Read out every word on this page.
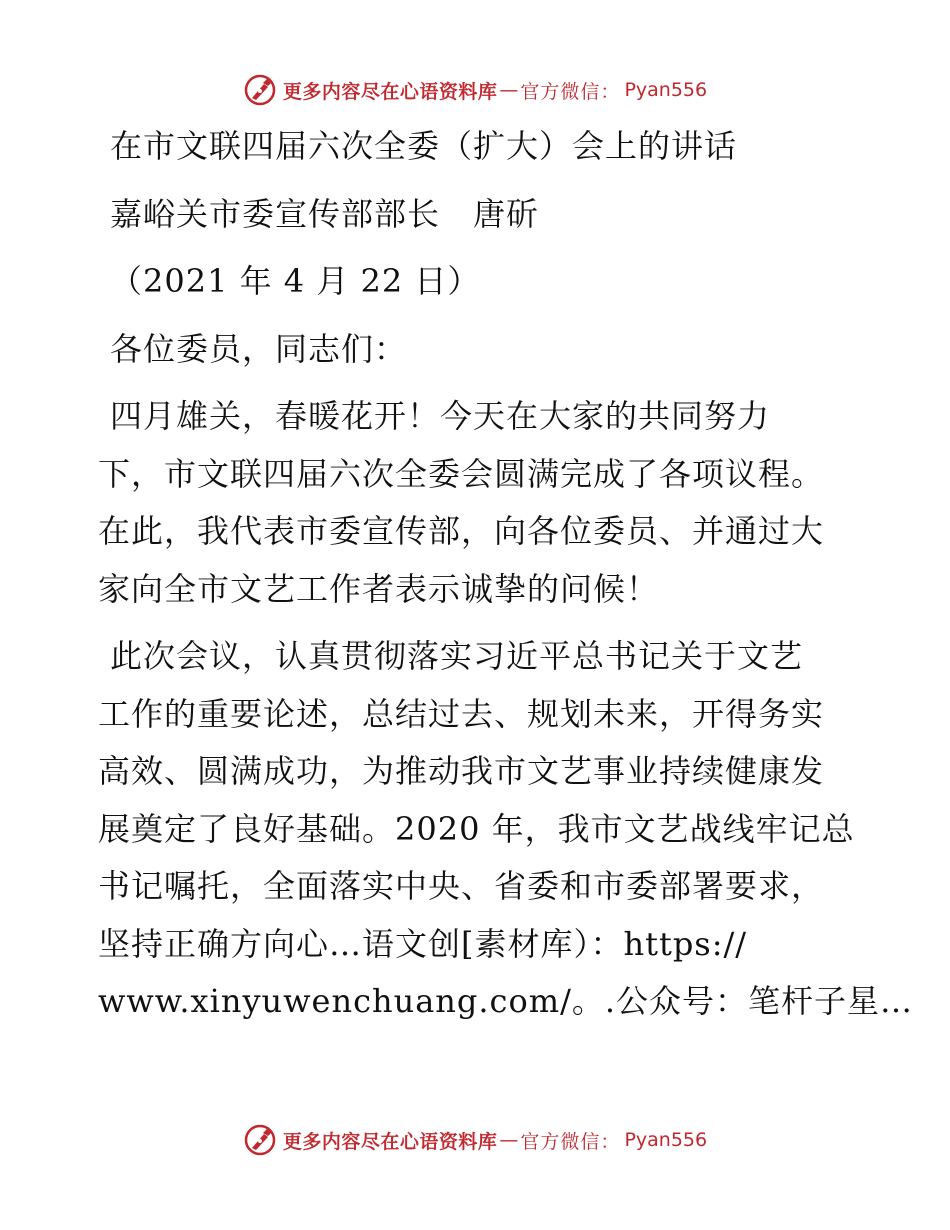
更多内容尽在心语资料库 — 官方微信： Pyan556
在市文联四届六次全委（扩大）会上的讲话
嘉峪关市委宣传部部长　唐斫
（2021 年 4 月 22 日）
各位委员，同志们：
四月雄关，春暖花开！今天在大家的共同努力
下，市文联四届六次全委会圆满完成了各项议程。
在此，我代表市委宣传部，向各位委员、并通过大
家向全市文艺工作者表示诚挚的问候！
此次会议，认真贯彻落实习近平总书记关于文艺
工作的重要论述，总结过去、规划未来，开得务实
高效、圆满成功，为推动我市文艺事业持续健康发
展奠定了良好基础。2020 年，我市文艺战线牢记总
书记嘱托，全面落实中央、省委和市委部署要求，
坚持正确方向心…语文创[素材库）：https://
www.xinyuwenchuang.com/。.公众号：笔杆子星…
更多内容尽在心语资料库 — 官方微信： Pyan556
